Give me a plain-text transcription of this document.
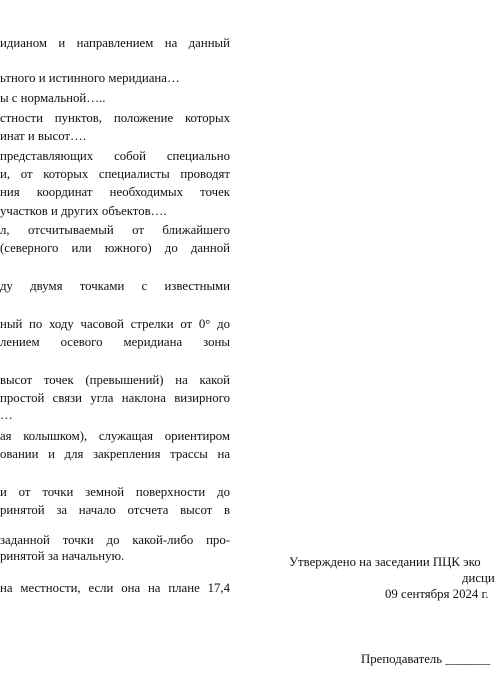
идианом и направлением на данный
ьтного и истинного меридиана…
ы с нормальной…..
стности пунктов, положение которых
инат и высот….
представляющих собой специально
и, от которых специалисты проводят
ния координат необходимых точек
участков и других объектов….
л, отсчитываемый от ближайшего
(северного или южного) до данной
ду двумя точками с известными
ный по ходу часовой стрелки от 0° до
лением осевого меридиана зоны
высот точек (превышений) на какой
простой связи угла наклона визирного
…
ая колышком), служащая ориентиром
овании и для закрепления трассы на
и от точки земной поверхности до
ринятой за начало отсчета высот в
заданной точки до какой-либо про-
ринятой за начальную.
на местности, если она на плане 17,4
Утверждено на заседании ПЦК эко
дисци
09 сентября 2024 г.
Преподаватель _______
